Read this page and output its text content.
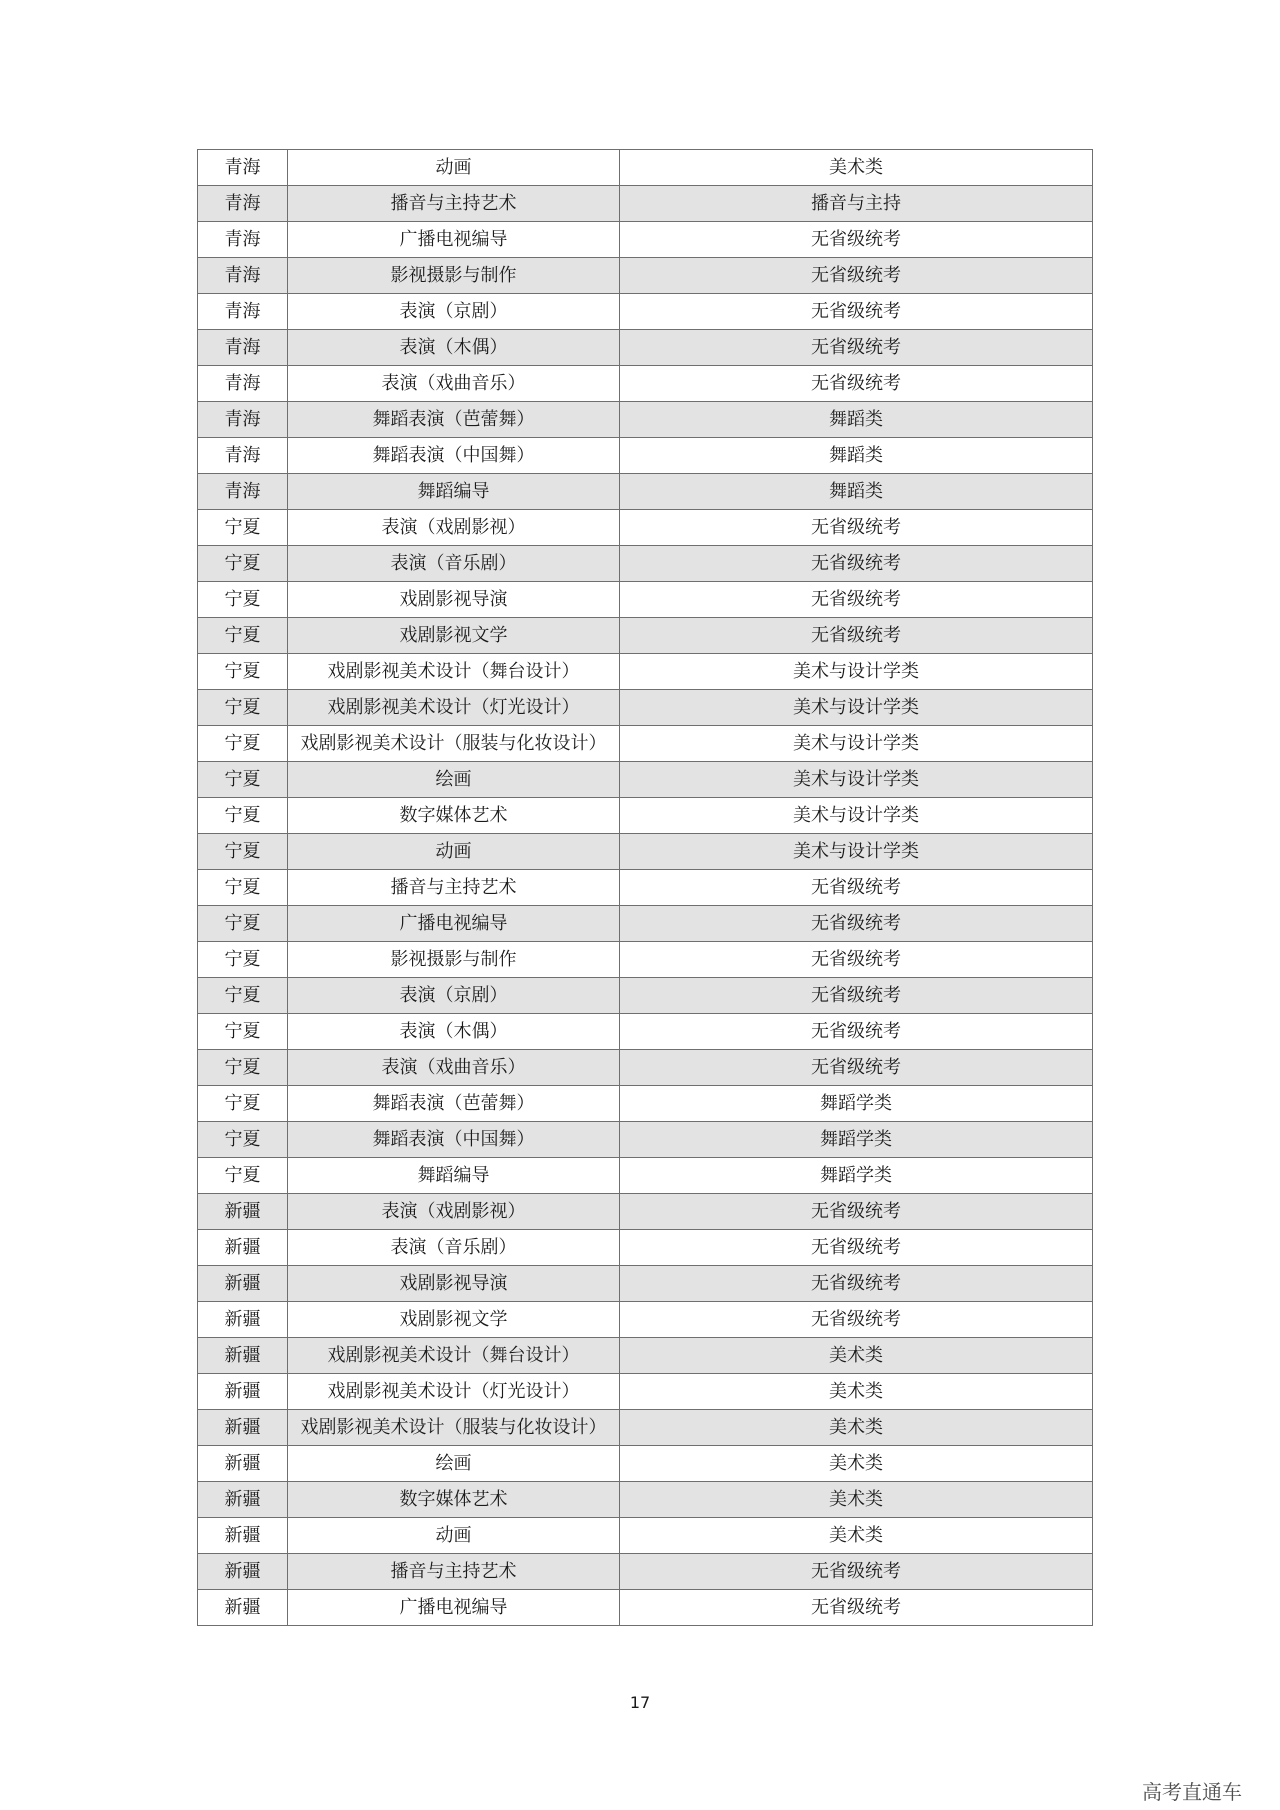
青海	动画	美术类
青海	播音与主持艺术	播音与主持
青海	广播电视编导	无省级统考
青海	影视摄影与制作	无省级统考
青海	表演（京剧）	无省级统考
青海	表演（木偶）	无省级统考
青海	表演（戏曲音乐）	无省级统考
青海	舞蹈表演（芭蕾舞）	舞蹈类
青海	舞蹈表演（中国舞）	舞蹈类
青海	舞蹈编导	舞蹈类
宁夏	表演（戏剧影视）	无省级统考
宁夏	表演（音乐剧）	无省级统考
宁夏	戏剧影视导演	无省级统考
宁夏	戏剧影视文学	无省级统考
宁夏	戏剧影视美术设计（舞台设计）	美术与设计学类
宁夏	戏剧影视美术设计（灯光设计）	美术与设计学类
宁夏	戏剧影视美术设计（服装与化妆设计）	美术与设计学类
宁夏	绘画	美术与设计学类
宁夏	数字媒体艺术	美术与设计学类
宁夏	动画	美术与设计学类
宁夏	播音与主持艺术	无省级统考
宁夏	广播电视编导	无省级统考
宁夏	影视摄影与制作	无省级统考
宁夏	表演（京剧）	无省级统考
宁夏	表演（木偶）	无省级统考
宁夏	表演（戏曲音乐）	无省级统考
宁夏	舞蹈表演（芭蕾舞）	舞蹈学类
宁夏	舞蹈表演（中国舞）	舞蹈学类
宁夏	舞蹈编导	舞蹈学类
新疆	表演（戏剧影视）	无省级统考
新疆	表演（音乐剧）	无省级统考
新疆	戏剧影视导演	无省级统考
新疆	戏剧影视文学	无省级统考
新疆	戏剧影视美术设计（舞台设计）	美术类
新疆	戏剧影视美术设计（灯光设计）	美术类
新疆	戏剧影视美术设计（服装与化妆设计）	美术类
新疆	绘画	美术类
新疆	数字媒体艺术	美术类
新疆	动画	美术类
新疆	播音与主持艺术	无省级统考
新疆	广播电视编导	无省级统考
17
高考直通车
